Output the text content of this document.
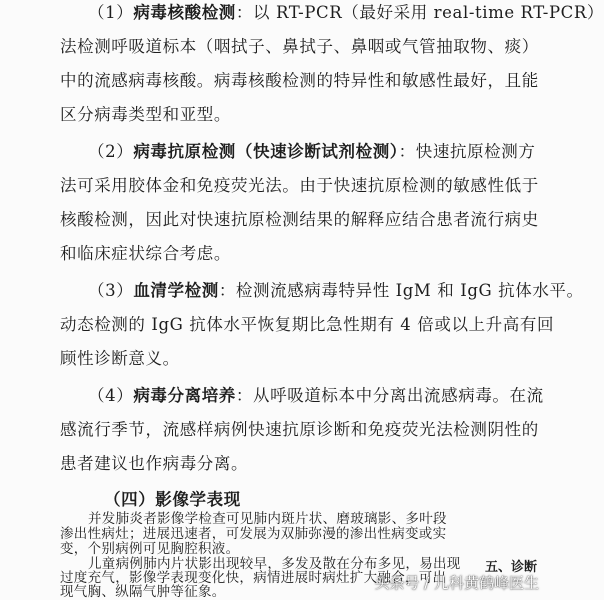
（1）病毒核酸检测：以 RT-PCR（最好采用 real-time RT-PCR）
法检测呼吸道标本（咽拭子、鼻拭子、鼻咽或气管抽取物、痰）
中的流感病毒核酸。病毒核酸检测的特异性和敏感性最好，且能
区分病毒类型和亚型。
（2）病毒抗原检测（快速诊断试剂检测）：快速抗原检测方
法可采用胶体金和免疫荧光法。由于快速抗原检测的敏感性低于
核酸检测，因此对快速抗原检测结果的解释应结合患者流行病史
和临床症状综合考虑。
（3）血清学检测：检测流感病毒特异性 IgM 和 IgG 抗体水平。
动态检测的 IgG 抗体水平恢复期比急性期有 4 倍或以上升高有回
顾性诊断意义。
（4）病毒分离培养：从呼吸道标本中分离出流感病毒。在流
感流行季节，流感样病例快速抗原诊断和免疫荧光法检测阴性的
患者建议也作病毒分离。
（四）影像学表现
并发肺炎者影像学检查可见肺内斑片状、磨玻璃影、多叶段
渗出性病灶；进展迅速者，可发展为双肺弥漫的渗出性病变或实
变，个别病例可见胸腔积液。
儿童病例肺内片状影出现较早，多发及散在分布多见，易出现
过度充气，影像学表现变化快，病情进展时病灶扩大融合，可出
现气胸、纵隔气肿等征象。
五、诊断
头条号 / 儿科黄鹤峰医生
